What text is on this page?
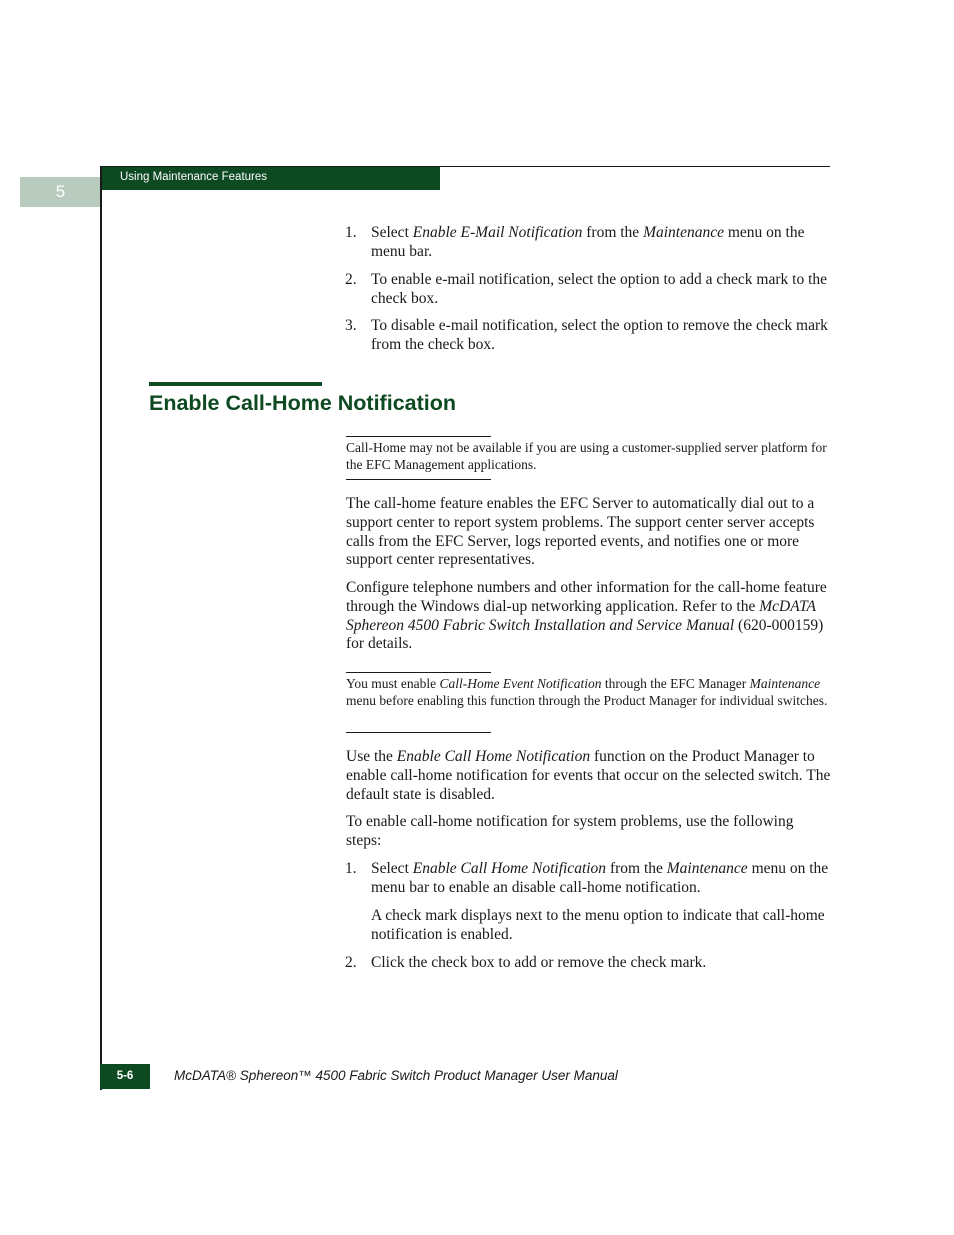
5
Using Maintenance Features
1. Select Enable E-Mail Notification from the Maintenance menu on the menu bar.
2. To enable e-mail notification, select the option to add a check mark to the check box.
3. To disable e-mail notification, select the option to remove the check mark from the check box.
Enable Call-Home Notification
Call-Home may not be available if you are using a customer-supplied server platform for the EFC Management applications.
The call-home feature enables the EFC Server to automatically dial out to a support center to report system problems. The support center server accepts calls from the EFC Server, logs reported events, and notifies one or more support center representatives.
Configure telephone numbers and other information for the call-home feature through the Windows dial-up networking application. Refer to the McDATA Sphereon 4500 Fabric Switch Installation and Service Manual (620-000159) for details.
You must enable Call-Home Event Notification through the EFC Manager Maintenance menu before enabling this function through the Product Manager for individual switches.
Use the Enable Call Home Notification function on the Product Manager to enable call-home notification for events that occur on the selected switch. The default state is disabled.
To enable call-home notification for system problems, use the following steps:
1. Select Enable Call Home Notification from the Maintenance menu on the menu bar to enable an disable call-home notification.
A check mark displays next to the menu option to indicate that call-home notification is enabled.
2. Click the check box to add or remove the check mark.
5-6	McDATA® Sphereon™ 4500 Fabric Switch Product Manager User Manual
